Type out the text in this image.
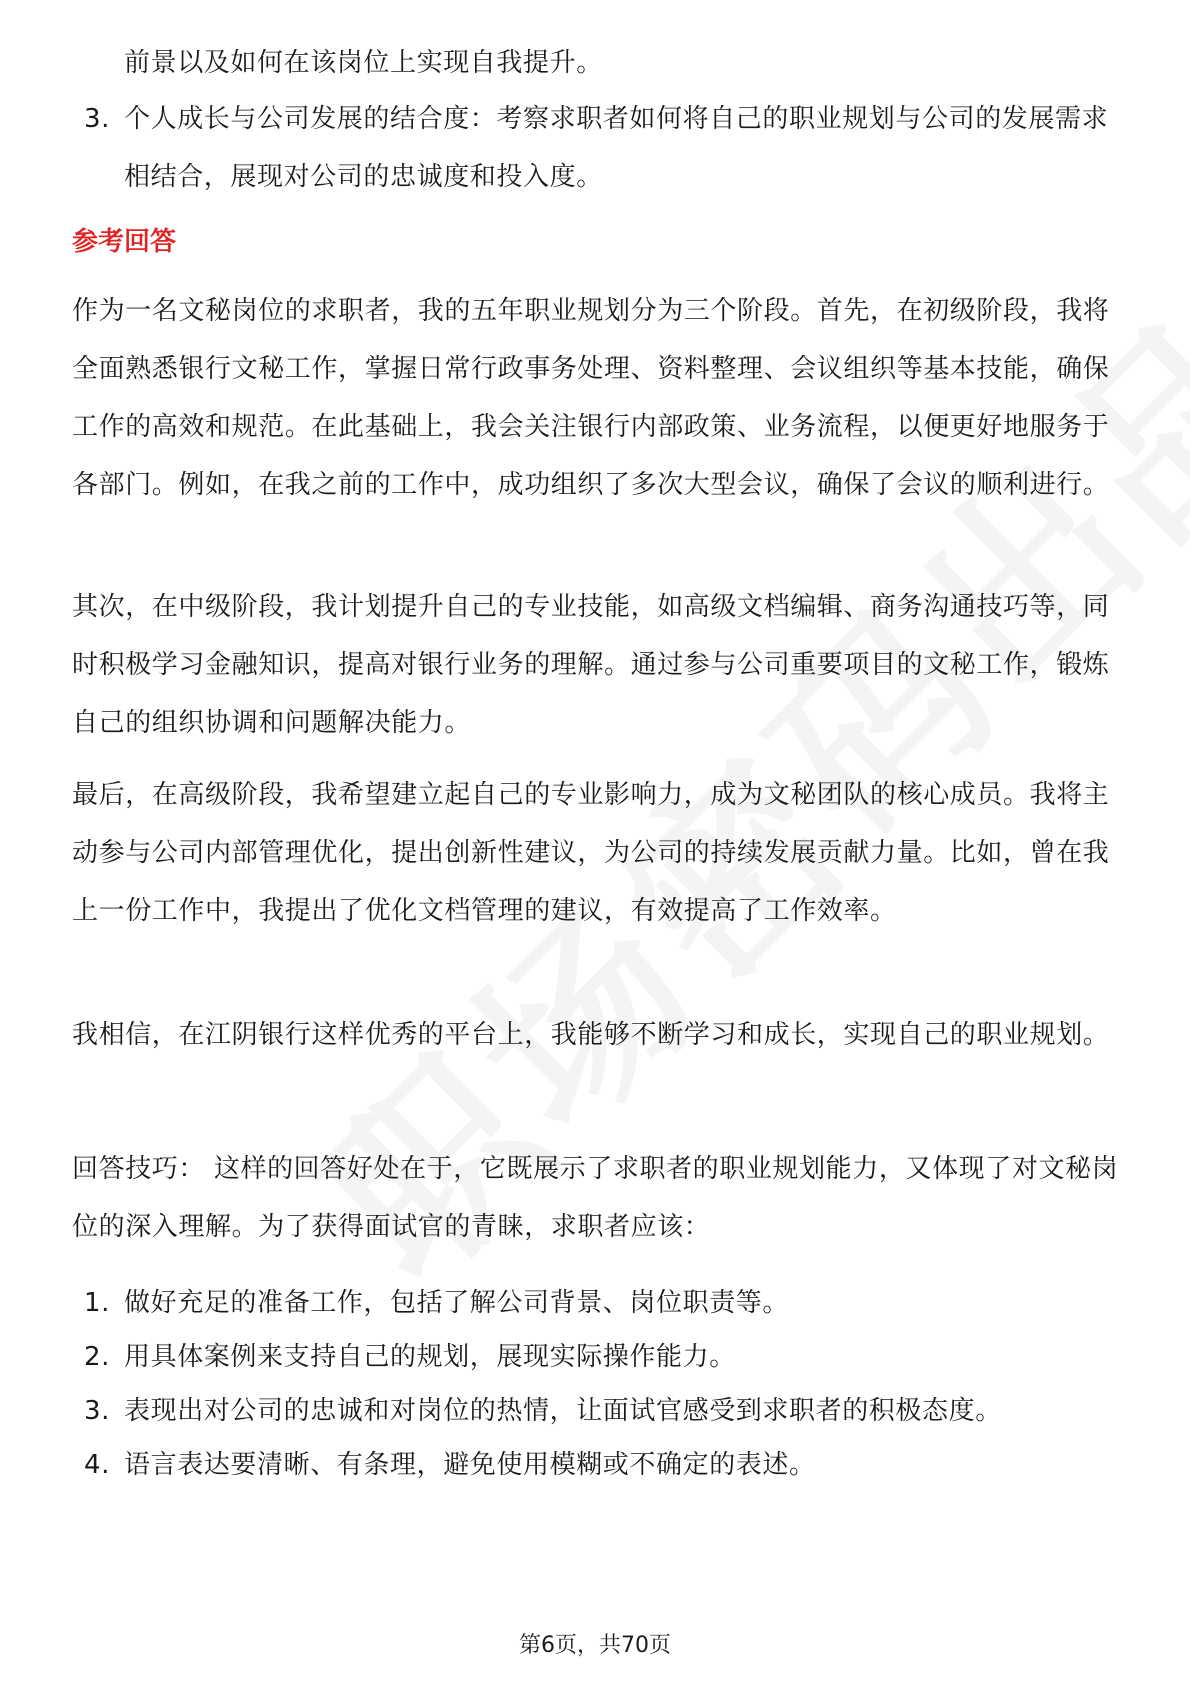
前景以及如何在该岗位上实现自我提升。
3. 个人成长与公司发展的结合度：考察求职者如何将自己的职业规划与公司的发展需求相结合，展现对公司的忠诚度和投入度。
参考回答
作为一名文秘岗位的求职者，我的五年职业规划分为三个阶段。首先，在初级阶段，我将全面熟悉银行文秘工作，掌握日常行政事务处理、资料整理、会议组织等基本技能，确保工作的高效和规范。在此基础上，我会关注银行内部政策、业务流程，以便更好地服务于各部门。例如，在我之前的工作中，成功组织了多次大型会议，确保了会议的顺利进行。
其次，在中级阶段，我计划提升自己的专业技能，如高级文档编辑、商务沟通技巧等，同时积极学习金融知识，提高对银行业务的理解。通过参与公司重要项目的文秘工作，锻炼自己的组织协调和问题解决能力。
最后，在高级阶段，我希望建立起自己的专业影响力，成为文秘团队的核心成员。我将主动参与公司内部管理优化，提出创新性建议，为公司的持续发展贡献力量。比如，曾在我上一份工作中，我提出了优化文档管理的建议，有效提高了工作效率。
我相信，在江阴银行这样优秀的平台上，我能够不断学习和成长，实现自己的职业规划。
回答技巧： 这样的回答好处在于，它既展示了求职者的职业规划能力，又体现了对文秘岗位的深入理解。为了获得面试官的青睐，求职者应该：
1. 做好充足的准备工作，包括了解公司背景、岗位职责等。
2. 用具体案例来支持自己的规划，展现实际操作能力。
3. 表现出对公司的忠诚和对岗位的热情，让面试官感受到求职者的积极态度。
4. 语言表达要清晰、有条理，避免使用模糊或不确定的表述。
第6页，共70页
